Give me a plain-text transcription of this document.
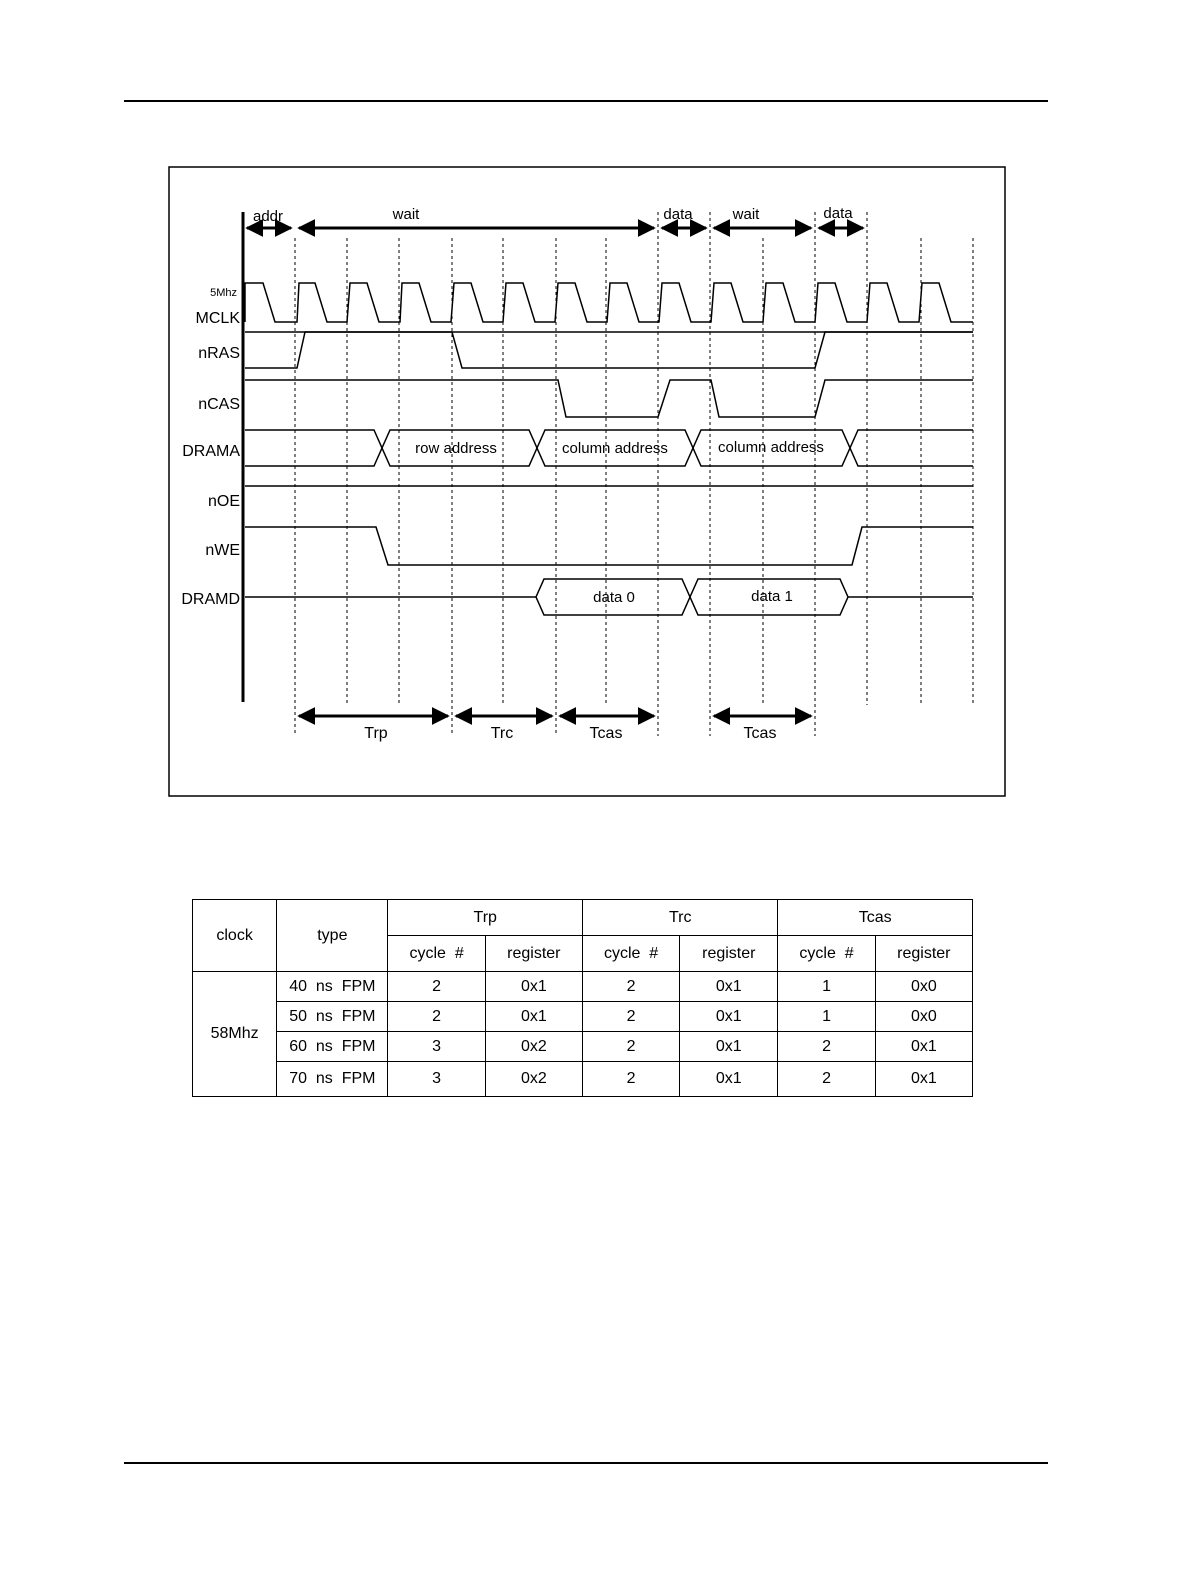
addr	wait	data	wait	data
5Mhz
MCLK
nRAS
nCAS
DRAMA
nOE
nWE
DRAMD
row address	column address	column address
data 0	data 1
Trp	Trc	Tcas	Tcas
clock	type	Trp		Trc		Tcas	
		cycle  #	register	cycle  #	register	cycle  #	register
58Mhz	40  ns  FPM	2	0x1	2	0x1	1	0x0
	50  ns  FPM	2	0x1	2	0x1	1	0x0
	60  ns  FPM	3	0x2	2	0x1	2	0x1
	70  ns  FPM	3	0x2	2	0x1	2	0x1
